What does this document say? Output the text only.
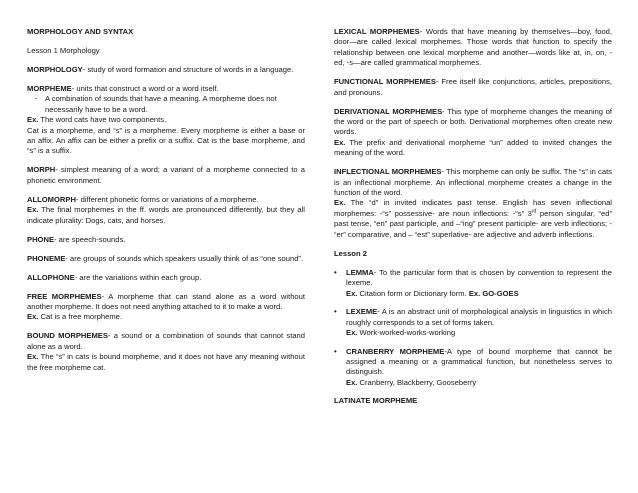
MORPHOLOGY AND SYNTAX

Lesson 1 Morphology

MORPHOLOGY- study of word formation and structure of words in a language.

MORPHEME- units that construct a word or a word itself.
-	A combination of sounds that have a meaning. A morpheme does not necessarily have to be a word.
Ex. The word cats have two components.

Cat is a morpheme, and “s” is a morpheme. Every morpheme is either a base or an affix. An affix can be either a prefix or a suffix. Cat is the base morpheme, and “s” is a suffix.

MORPH- simplest meaning of a word; a variant of a morpheme connected to a phonetic environment.

ALLOMORPH- different phonetic forms or variations of a morpheme.

Ex. The final morphemes in the ff. words are pronounced differently, but they all indicate plurality: Dogs, cats, and horses.

PHONE- are speech-sounds.

PHONEME- are groups of sounds which speakers usually think of as “one sound”.

ALLOPHONE- are the variations within each group.

FREE MORPHEMES- A morpheme that can stand alone as a word without another morpheme. It does not need anything attached to it to make a word.

Ex. Cat is a free morpheme.

BOUND MORPHEMES- a sound or a combination of sounds that cannot stand alone as a word.

Ex. The “s” in cats is bound morpheme, and it does not have any meaning without the free morpheme cat.

LEXICAL MORPHEMES- Words that have meaning by themselves—boy, food, door—are called lexical morphemes. Those words that function to specify the relationship between one lexical morpheme and another—words like at, in, on, -ed, -s—are called grammatical morphemes.

FUNCTIONAL MORPHEMES- Free itself like conjunctions, articles, prepositions, and pronouns.

DERIVATIONAL MORPHEMES- This type of morpheme changes the meaning of the word or the part of speech or both. Derivational morphemes often create new words.

Ex. The prefix and derivational morpheme “un” added to invited changes the meaning of the word.

INFLECTIONAL MORPHEMES- This morpheme can only be suffix. The “s” in cats is an inflectional morpheme. An inflectional morpheme creates a change in the function of the word.

Ex. The “d” in invited indicates past tense. English has seven inflectional morphemes: -“s” possessive- are noun inflections: -“s” 3rd person singular, “ed” past tense, “en” past participle, and –“ing” present participle- are verb inflections; - “er” comparative, and – “est” superlative- are adjective and adverb inflections.

Lesson 2

•	LEMMA- To the particular form that is chosen by convention to represent the lexeme.
Ex. Citation form or Dictionary form. Ex. GO-GOES
•	LEXEME- A is an abstract unit of morphological analysis in linguistics in which roughly corresponds to a set of forms taken.
Ex. Work-worked-works-working
•	CRANBERRY MORPHEME-A type of bound morpheme that cannot be assigned a meaning or a grammatical function, but nonetheless serves to distinguish.
Ex. Cranberry, Blackberry, Gooseberry

LATINATE MORPHEME
